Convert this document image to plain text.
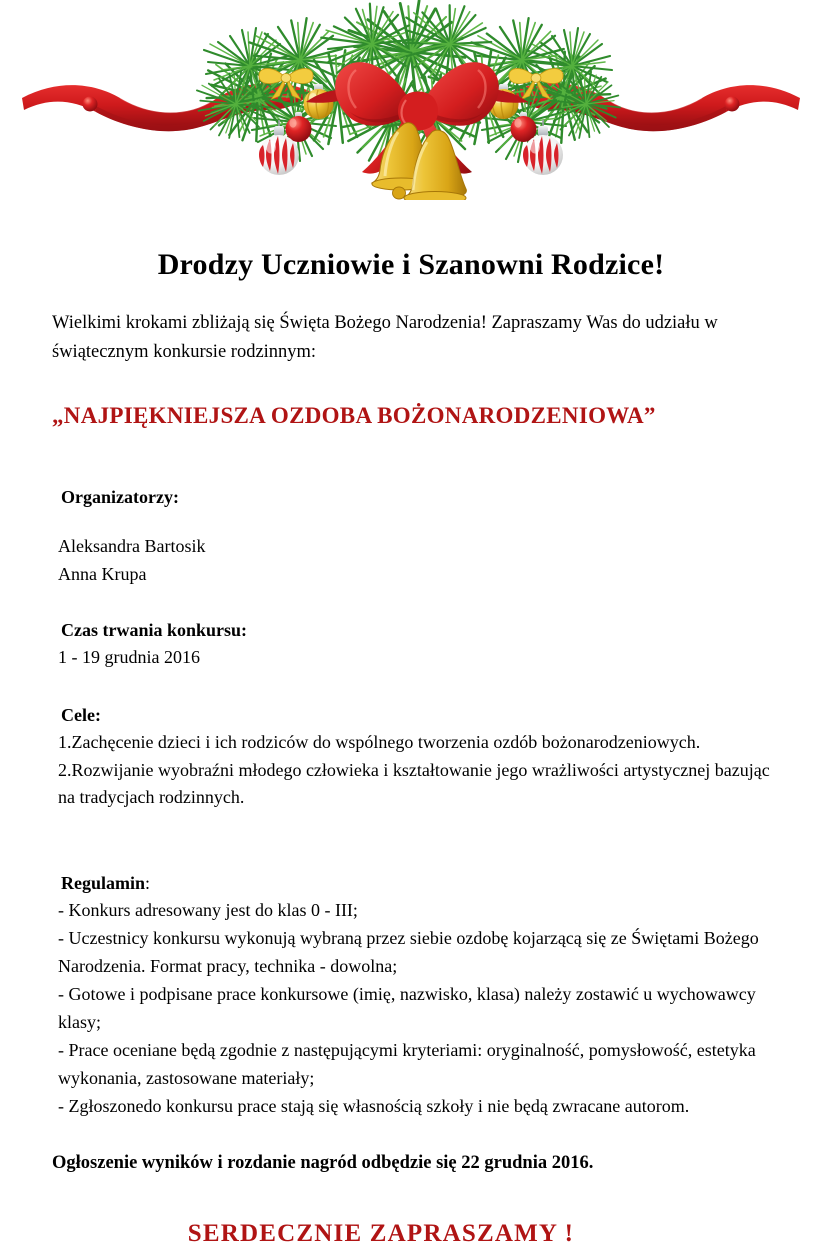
Drodzy Uczniowie i Szanowni Rodzice!

Wielkimi krokami zbliżają się Święta Bożego Narodzenia! Zapraszamy Was do udziału w świątecznym konkursie rodzinnym:

„NAJPIĘKNIEJSZA OZDOBA BOŻONARODZENIOWA”

Organizatorzy:
Aleksandra Bartosik
Anna Krupa
Czas trwania konkursu:
1 - 19 grudnia 2016
Cele:
1.Zachęcenie dzieci i ich rodziców do wspólnego tworzenia ozdób bożonarodzeniowych.
2.Rozwijanie wyobraźni młodego człowieka i kształtowanie jego wrażliwości artystycznej bazując na tradycjach rodzinnych.
Regulamin:
- Konkurs adresowany jest do klas 0 - III;
- Uczestnicy konkursu wykonują wybraną przez siebie ozdobę kojarzącą się ze Świętami Bożego Narodzenia. Format pracy, technika - dowolna;
- Gotowe i podpisane prace konkursowe (imię, nazwisko, klasa) należy zostawić u wychowawcy klasy;
- Prace oceniane będą zgodnie z następującymi kryteriami: oryginalność, pomysłowość, estetyka wykonania, zastosowane materiały;
- Zgłoszonedo konkursu prace stają się własnością szkoły i nie będą zwracane autorom.

Ogłoszenie wyników i rozdanie nagród odbędzie się 22 grudnia 2016.

SERDECZNIE ZAPRASZAMY !
